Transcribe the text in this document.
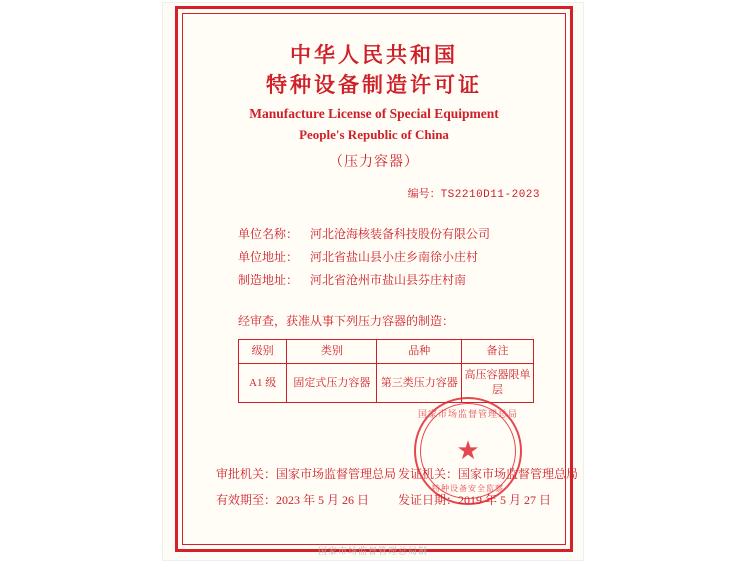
中华人民共和国
特种设备制造许可证
Manufacture License of Special Equipment
People's Republic of China
（压力容器）
编号：TS2210D11-2023
单位名称： 河北沧海核装备科技股份有限公司
单位地址： 河北省盐山县小庄乡南徐小庄村
制造地址： 河北省沧州市盐山县芬庄村南
经审查，获准从事下列压力容器的制造：
级别	类别	品种	备注
A1 级	固定式压力容器	第三类压力容器	高压容器限单层
审批机关：国家市场监督管理总局 发证机关：国家市场监督管理总局
有效期至：2023 年 5 月 26 日	发证日期：2019 年 5 月 27 日
国家市场监督管理总局
★
特种设备安全监察
国家市场监督管理总局制
